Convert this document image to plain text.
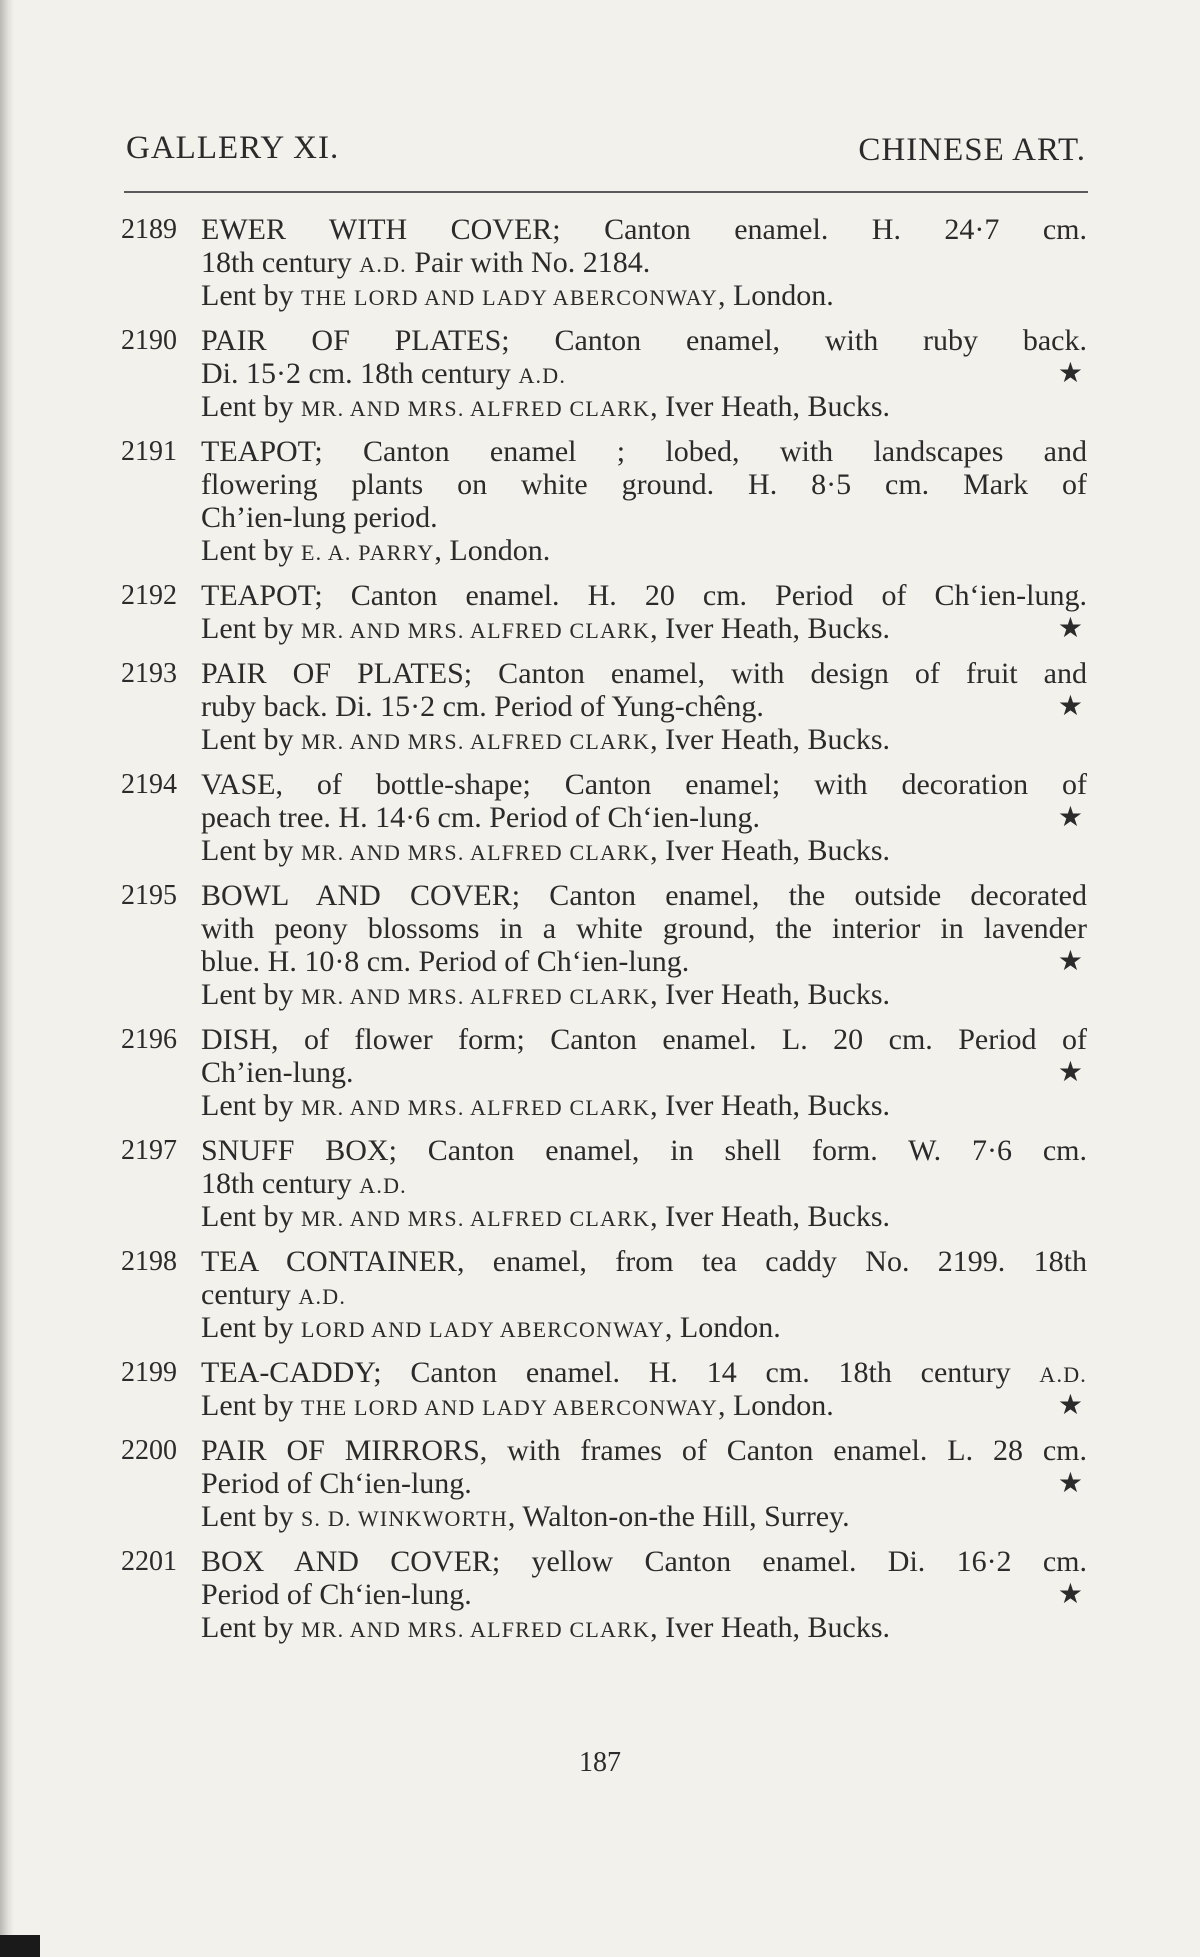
GALLERY XI.	CHINESE ART.
2189 EWER WITH COVER; Canton enamel. H. 24·7 cm.
18th century A.D. Pair with No. 2184.
Lent by THE LORD AND LADY ABERCONWAY, London.
2190 PAIR OF PLATES; Canton enamel, with ruby back.
Di. 15·2 cm. 18th century A.D.	★
Lent by MR. AND MRS. ALFRED CLARK, Iver Heath, Bucks.
2191 TEAPOT; Canton enamel ; lobed, with landscapes and
flowering plants on white ground. H. 8·5 cm. Mark of
Ch’ien-lung period.
Lent by E. A. PARRY, London.
2192 TEAPOT; Canton enamel. H. 20 cm. Period of Ch‘ien-lung.
Lent by MR. AND MRS. ALFRED CLARK, Iver Heath, Bucks.	★
2193 PAIR OF PLATES; Canton enamel, with design of fruit and
ruby back. Di. 15·2 cm. Period of Yung-chêng.	★
Lent by MR. AND MRS. ALFRED CLARK, Iver Heath, Bucks.
2194 VASE, of bottle-shape; Canton enamel; with decoration of
peach tree. H. 14·6 cm. Period of Ch‘ien-lung.	★
Lent by MR. AND MRS. ALFRED CLARK, Iver Heath, Bucks.
2195 BOWL AND COVER; Canton enamel, the outside decorated
with peony blossoms in a white ground, the interior in lavender
blue. H. 10·8 cm. Period of Ch‘ien-lung.	★
Lent by MR. AND MRS. ALFRED CLARK, Iver Heath, Bucks.
2196 DISH, of flower form; Canton enamel. L. 20 cm. Period of
Ch’ien-lung.	★
Lent by MR. AND MRS. ALFRED CLARK, Iver Heath, Bucks.
2197 SNUFF BOX; Canton enamel, in shell form. W. 7·6 cm.
18th century A.D.
Lent by MR. AND MRS. ALFRED CLARK, Iver Heath, Bucks.
2198 TEA CONTAINER, enamel, from tea caddy No. 2199. 18th
century A.D.
Lent by LORD AND LADY ABERCONWAY, London.
2199 TEA-CADDY; Canton enamel. H. 14 cm. 18th century A.D.
Lent by THE LORD AND LADY ABERCONWAY, London.	★
2200 PAIR OF MIRRORS, with frames of Canton enamel. L. 28 cm.
Period of Ch‘ien-lung.	★
Lent by S. D. WINKWORTH, Walton-on-the Hill, Surrey.
2201 BOX AND COVER; yellow Canton enamel. Di. 16·2 cm.
Period of Ch‘ien-lung.	★
Lent by MR. AND MRS. ALFRED CLARK, Iver Heath, Bucks.
187
